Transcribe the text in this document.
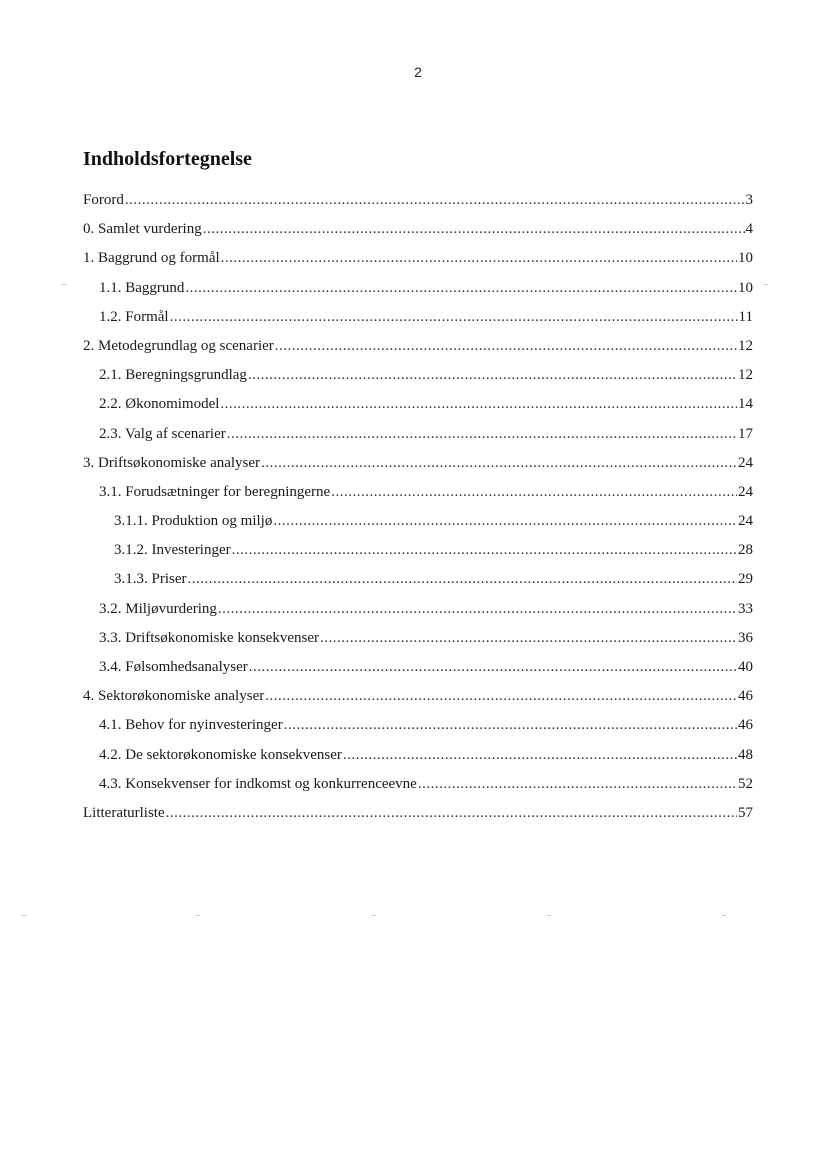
2
Indholdsfortegnelse
Forord .....	3
0. Samlet vurdering .....	4
1. Baggrund og formål .....	10
1.1. Baggrund .....	10
1.2. Formål .....	11
2. Metodegrundlag og scenarier .....	12
2.1. Beregningsgrundlag .....	12
2.2. Økonomimodel .....	14
2.3. Valg af scenarier .....	17
3. Driftsøkonomiske analyser .....	24
3.1. Forudsætninger for beregningerne .....	24
3.1.1. Produktion og miljø .....	24
3.1.2. Investeringer .....	28
3.1.3. Priser .....	29
3.2. Miljøvurdering .....	33
3.3. Driftsøkonomiske konsekvenser .....	36
3.4. Følsomhedsanalyser .....	40
4. Sektorøkonomiske analyser .....	46
4.1. Behov for nyinvesteringer .....	46
4.2. De sektorøkonomiske konsekvenser .....	48
4.3. Konsekvenser for indkomst og konkurrenceevne .....	52
Litteraturliste .....	57
